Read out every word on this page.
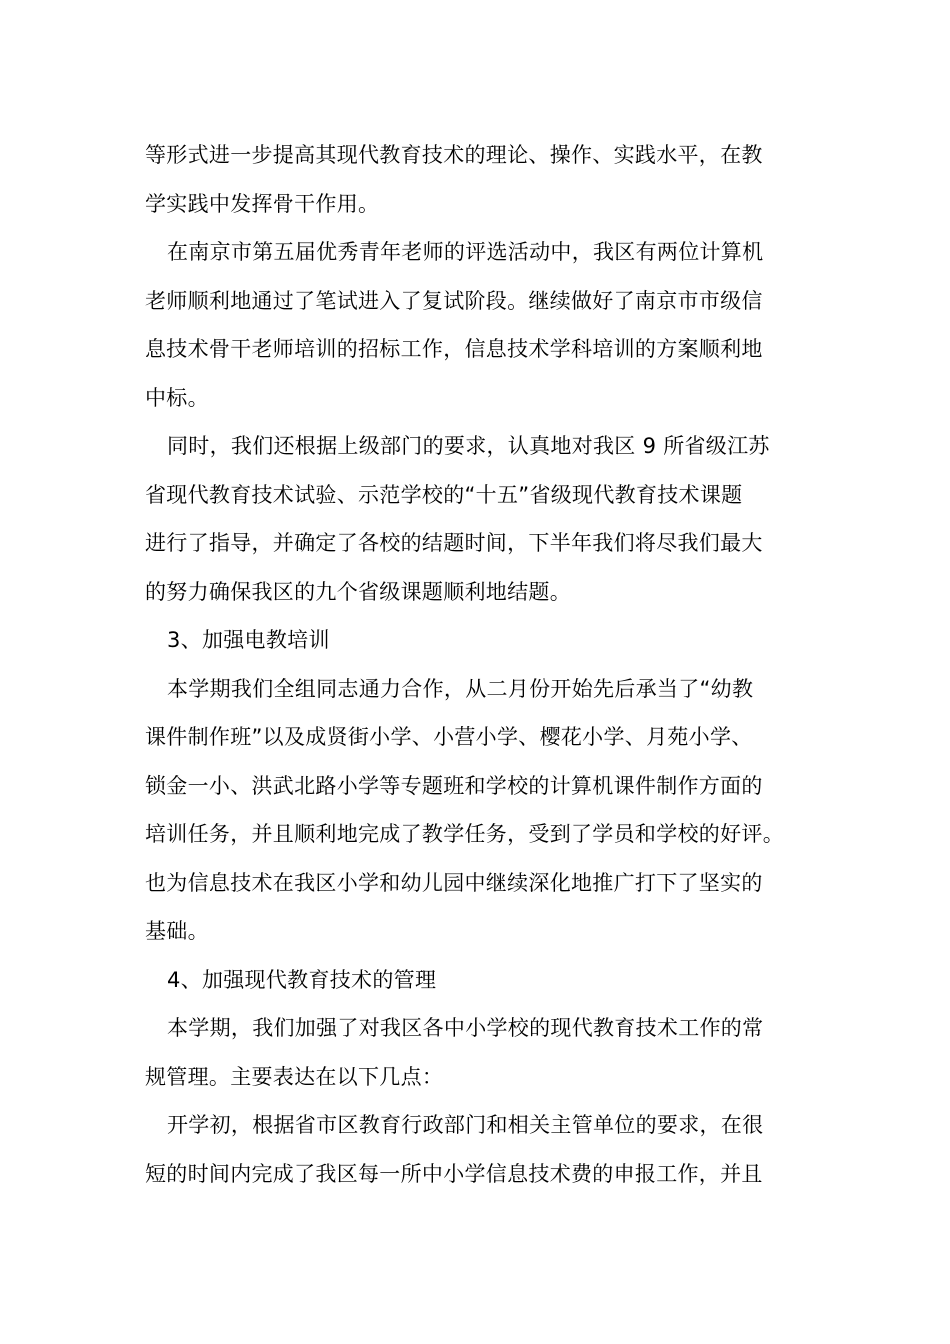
等形式进一步提高其现代教育技术的理论、操作、实践水平，在教

学实践中发挥骨干作用。

在南京市第五届优秀青年老师的评选活动中，我区有两位计算机

老师顺利地通过了笔试进入了复试阶段。继续做好了南京市市级信

息技术骨干老师培训的招标工作，信息技术学科培训的方案顺利地

中标。

同时，我们还根据上级部门的要求，认真地对我区 9 所省级江苏

省现代教育技术试验、示范学校的“十五”省级现代教育技术课题

进行了指导，并确定了各校的结题时间，下半年我们将尽我们最大

的努力确保我区的九个省级课题顺利地结题。

3、加强电教培训

本学期我们全组同志通力合作，从二月份开始先后承当了“幼教

课件制作班”以及成贤街小学、小营小学、樱花小学、月苑小学、

锁金一小、洪武北路小学等专题班和学校的计算机课件制作方面的

培训任务，并且顺利地完成了教学任务，受到了学员和学校的好评。

也为信息技术在我区小学和幼儿园中继续深化地推广打下了坚实的

基础。

4、加强现代教育技术的管理

本学期，我们加强了对我区各中小学校的现代教育技术工作的常

规管理。主要表达在以下几点：

开学初，根据省市区教育行政部门和相关主管单位的要求，在很

短的时间内完成了我区每一所中小学信息技术费的申报工作，并且
